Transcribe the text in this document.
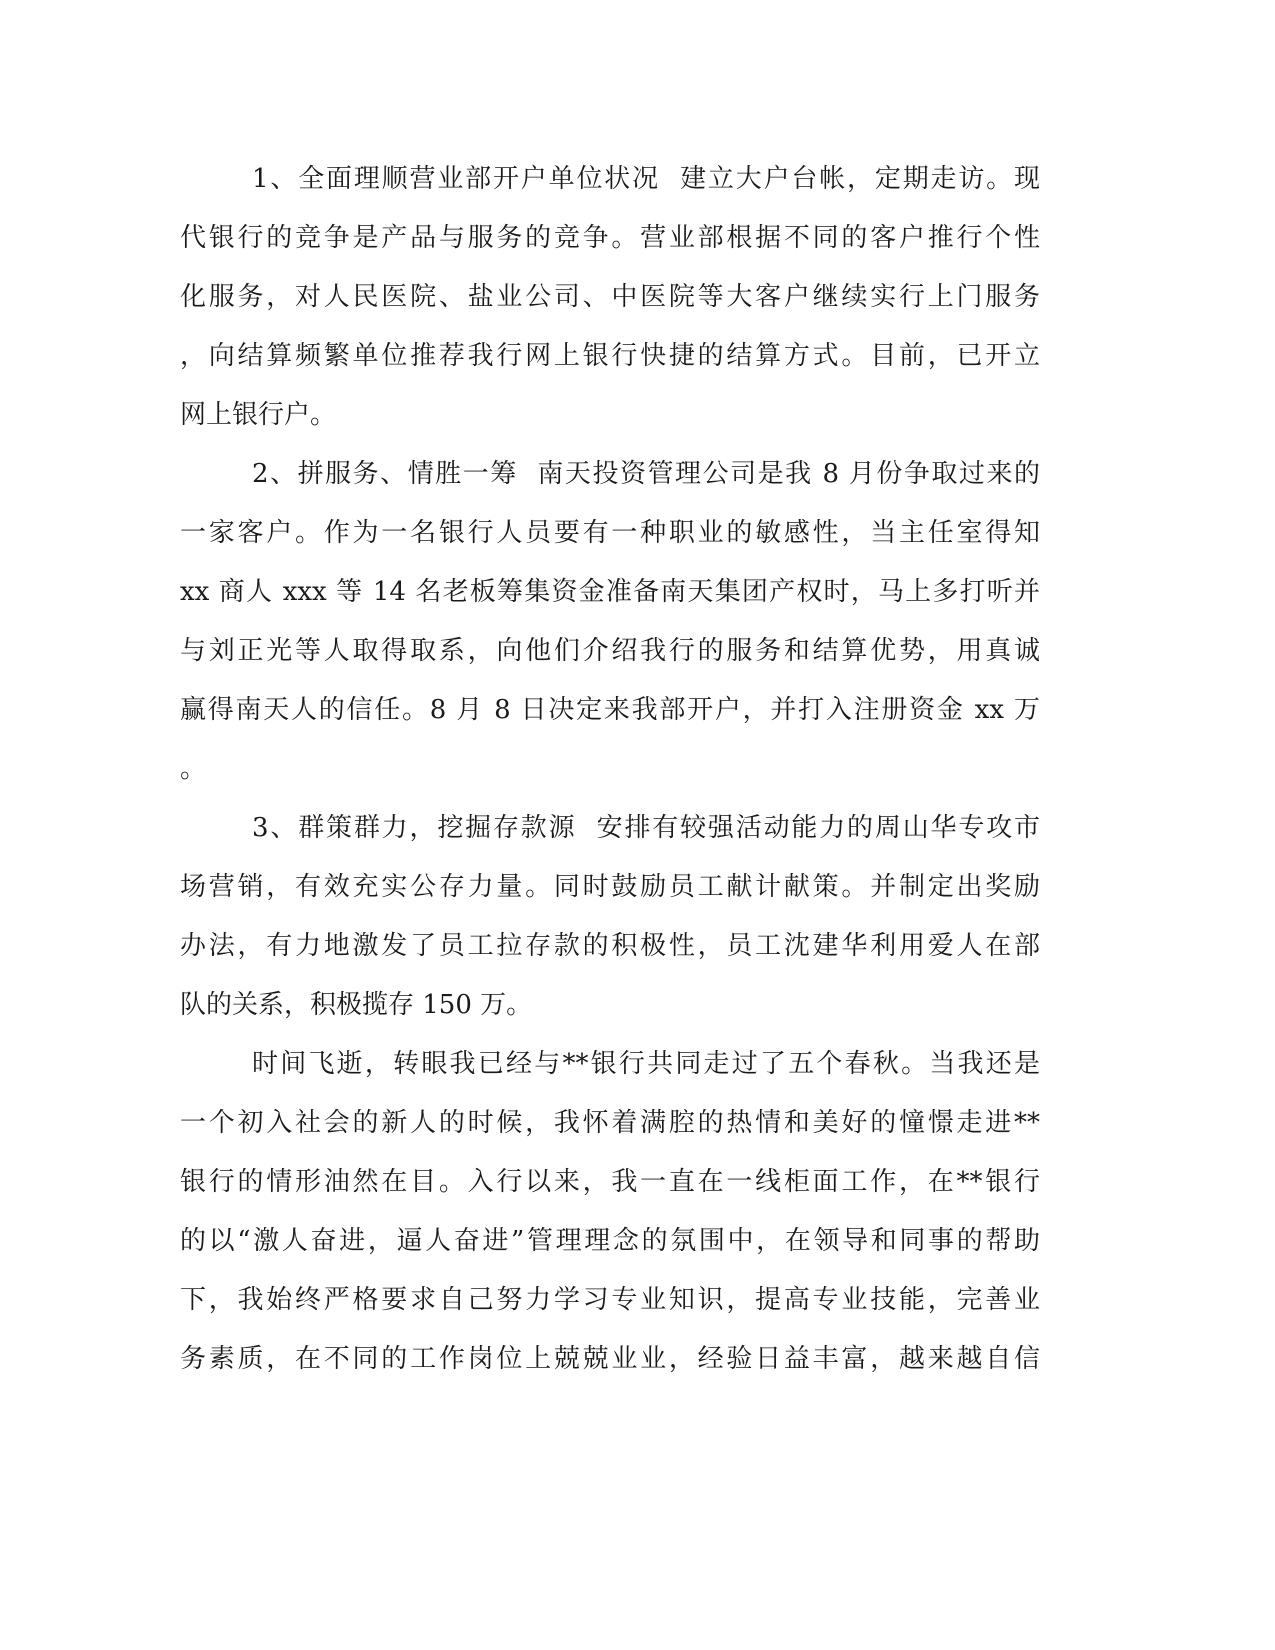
1、全面理顺营业部开户单位状况  建立大户台帐，定期走访。现
代银行的竞争是产品与服务的竞争。营业部根据不同的客户推行个性
化服务，对人民医院、盐业公司、中医院等大客户继续实行上门服务
，向结算频繁单位推荐我行网上银行快捷的结算方式。目前，已开立
网上银行户。
2、拼服务、情胜一筹  南天投资管理公司是我 8 月份争取过来的
一家客户。作为一名银行人员要有一种职业的敏感性，当主任室得知
xx 商人 xxx 等 14 名老板筹集资金准备南天集团产权时，马上多打听并
与刘正光等人取得取系，向他们介绍我行的服务和结算优势，用真诚
赢得南天人的信任。8 月 8 日决定来我部开户，并打入注册资金 xx 万
。
3、群策群力，挖掘存款源  安排有较强活动能力的周山华专攻市
场营销，有效充实公存力量。同时鼓励员工献计献策。并制定出奖励
办法，有力地激发了员工拉存款的积极性，员工沈建华利用爱人在部
队的关系，积极揽存 150 万。
时间飞逝，转眼我已经与**银行共同走过了五个春秋。当我还是
一个初入社会的新人的时候，我怀着满腔的热情和美好的憧憬走进**
银行的情形油然在目。入行以来，我一直在一线柜面工作，在**银行
的以“激人奋进，逼人奋进”管理理念的氛围中，在领导和同事的帮助
下，我始终严格要求自己努力学习专业知识，提高专业技能，完善业
务素质，在不同的工作岗位上兢兢业业，经验日益丰富，越来越自信
